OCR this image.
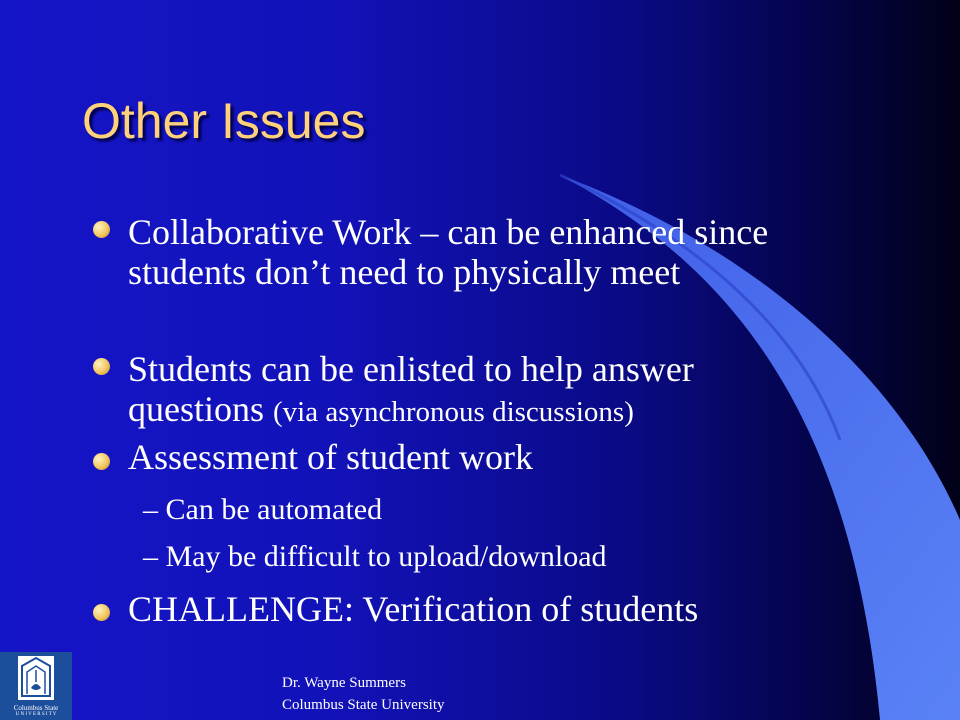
Other Issues
Collaborative Work – can be enhanced since students don’t need to physically meet
Students can be enlisted to help answer questions (via asynchronous discussions)
Assessment of student work
– Can be automated
– May be difficult to upload/download
CHALLENGE: Verification of students
Columbus State
U N I V E R S I T Y
Dr. Wayne Summers
Columbus State University
